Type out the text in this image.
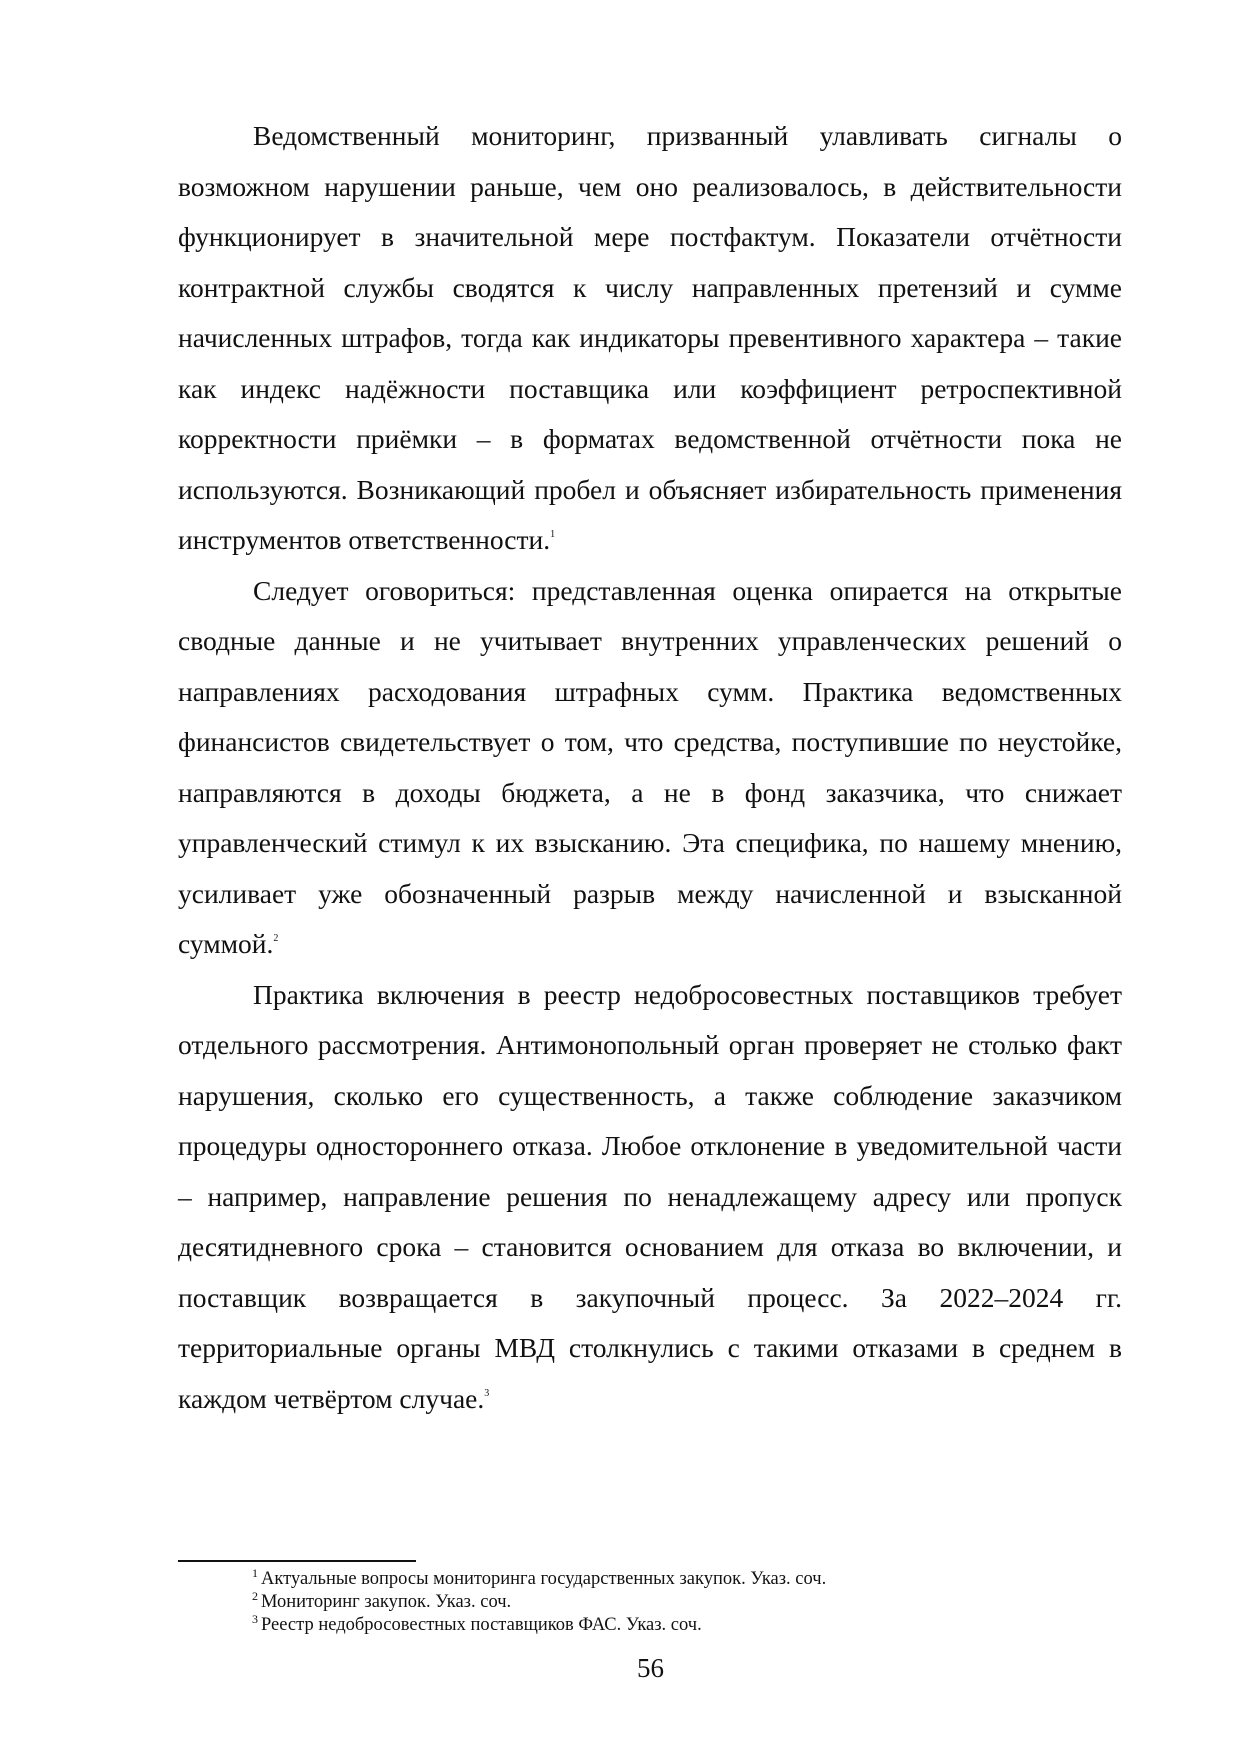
Ведомственный мониторинг, призванный улавливать сигналы о возможном нарушении раньше, чем оно реализовалось, в действительности функционирует в значительной мере постфактум. Показатели отчётности контрактной службы сводятся к числу направленных претензий и сумме начисленных штрафов, тогда как индикаторы превентивного характера – такие как индекс надёжности поставщика или коэффициент ретроспективной корректности приёмки – в форматах ведомственной отчётности пока не используются. Возникающий пробел и объясняет избирательность применения инструментов ответственности.$^1$

Следует оговориться: представленная оценка опирается на открытые сводные данные и не учитывает внутренних управленческих решений о направлениях расходования штрафных сумм. Практика ведомственных финансистов свидетельствует о том, что средства, поступившие по неустойке, направляются в доходы бюджета, а не в фонд заказчика, что снижает управленческий стимул к их взысканию. Эта специфика, по нашему мнению, усиливает уже обозначенный разрыв между начисленной и взысканной суммой.$^2$

Практика включения в реестр недобросовестных поставщиков требует отдельного рассмотрения. Антимонопольный орган проверяет не столько факт нарушения, сколько его существенность, а также соблюдение заказчиком процедуры одностороннего отказа. Любое отклонение в уведомительной части – например, направление решения по ненадлежащему адресу или пропуск десятидневного срока – становится основанием для отказа во включении, и поставщик возвращается в закупочный процесс. За 2022–2024 гг. территориальные органы МВД столкнулись с такими отказами в среднем в каждом четвёртом случае.$^3$

$^1$ Актуальные вопросы мониторинга государственных закупок. Указ. соч.

$^2$ Мониторинг закупок. Указ. соч.

$^3$ Реестр недобросовестных поставщиков ФАС. Указ. соч.

56
